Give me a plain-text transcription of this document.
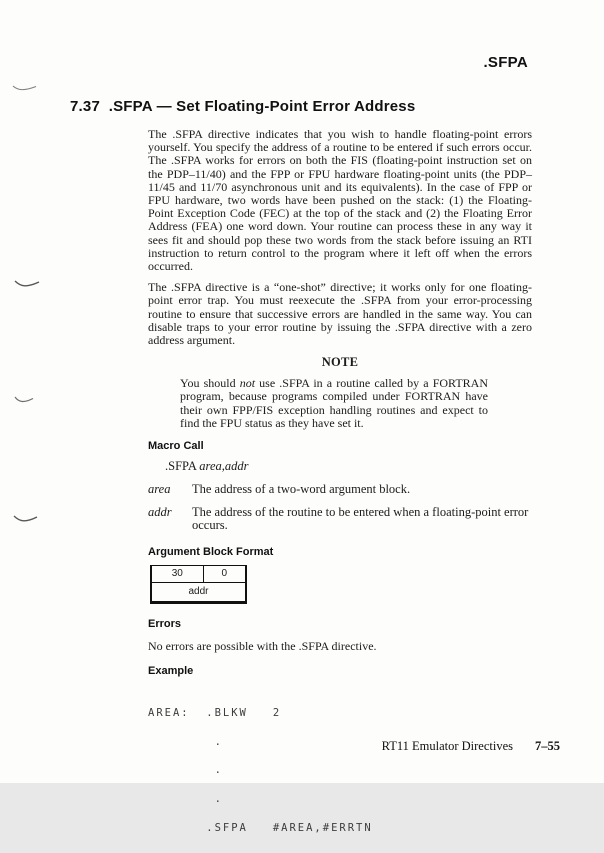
.SFPA
7.37  .SFPA — Set Floating-Point Error Address

The .SFPA directive indicates that you wish to handle floating-point errors yourself. You specify the address of a routine to be entered if such errors occur. The .SFPA works for errors on both the FIS (floating-point instruction set on the PDP–11/40) and the FPP or FPU hardware floating-point units (the PDP–11/45 and 11/70 asynchronous unit and its equivalents). In the case of FPP or FPU hardware, two words have been pushed on the stack: (1) the Floating-Point Exception Code (FEC) at the top of the stack and (2) the Floating Error Address (FEA) one word down. Your routine can process these in any way it sees fit and should pop these two words from the stack before issuing an RTI instruction to return control to the program where it left off when the errors occurred.

The .SFPA directive is a “one-shot” directive; it works only for one floating-point error trap. You must reexecute the .SFPA from your error-processing routine to ensure that successive errors are handled in the same way. You can disable traps to your error routine by issuing the .SFPA directive with a zero address argument.

NOTE
You should not use .SFPA in a routine called by a FORTRAN program, because programs compiled under FORTRAN have their own FPP/FIS exception handling routines and expect to find the FPU status as they have set it.
Macro Call
.SFPA area,addr
area	The address of a two-word argument block.
addr	The address of the routine to be entered when a floating-point error occurs.
Argument Block Format
30	0
addr
Errors

No errors are possible with the .SFPA directive.

Example

AREA:  .BLKW   2

.

.

.

.SFPA   #AREA,#ERRTN

RT11 Emulator Directives 7–55
